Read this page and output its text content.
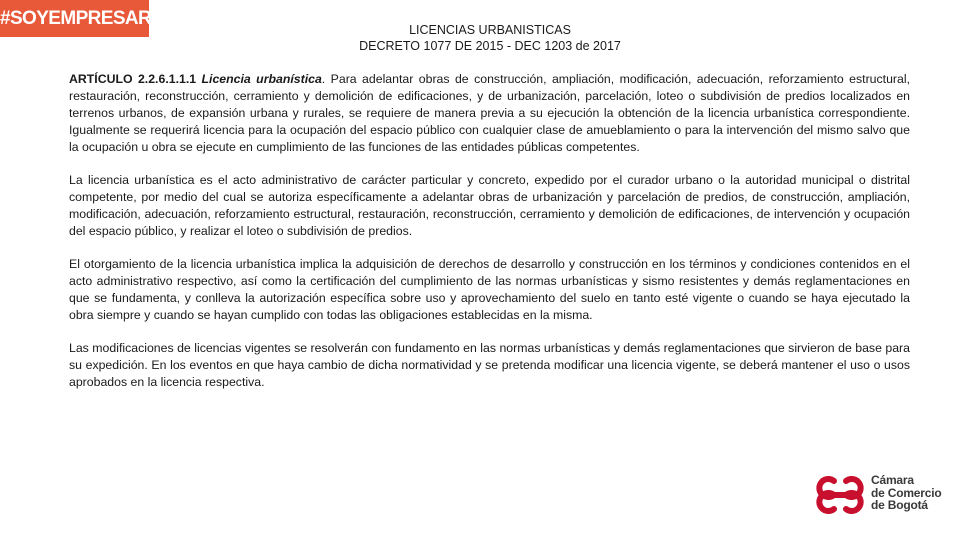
#SOYEMPRESARIO
LICENCIAS URBANISTICAS
DECRETO 1077 DE 2015 - DEC 1203 de 2017

ARTÍCULO 2.2.6.1.1.1 Licencia urbanística. Para adelantar obras de construcción, ampliación, modificación, adecuación, reforzamiento estructural, restauración, reconstrucción, cerramiento y demolición de edificaciones, y de urbanización, parcelación, loteo o subdivisión de predios localizados en terrenos urbanos, de expansión urbana y rurales, se requiere de manera previa a su ejecución la obtención de la licencia urbanística correspondiente. Igualmente se requerirá licencia para la ocupación del espacio público con cualquier clase de amueblamiento o para la intervención del mismo salvo que la ocupación u obra se ejecute en cumplimiento de las funciones de las entidades públicas competentes.

La licencia urbanística es el acto administrativo de carácter particular y concreto, expedido por el curador urbano o la autoridad municipal o distrital competente, por medio del cual se autoriza específicamente a adelantar obras de urbanización y parcelación de predios, de construcción, ampliación, modificación, adecuación, reforzamiento estructural, restauración, reconstrucción, cerramiento y demolición de edificaciones, de intervención y ocupación del espacio público, y realizar el loteo o subdivisión de predios.

El otorgamiento de la licencia urbanística implica la adquisición de derechos de desarrollo y construcción en los términos y condiciones contenidos en el acto administrativo respectivo, así como la certificación del cumplimiento de las normas urbanísticas y sismo resistentes y demás reglamentaciones en que se fundamenta, y conlleva la autorización específica sobre uso y aprovechamiento del suelo en tanto esté vigente o cuando se haya ejecutado la obra siempre y cuando se hayan cumplido con todas las obligaciones establecidas en la misma.

Las modificaciones de licencias vigentes se resolverán con fundamento en las normas urbanísticas y demás reglamentaciones que sirvieron de base para su expedición. En los eventos en que haya cambio de dicha normatividad y se pretenda modificar una licencia vigente, se deberá mantener el uso o usos aprobados en la licencia respectiva.

Cámara
de Comercio
de Bogotá
